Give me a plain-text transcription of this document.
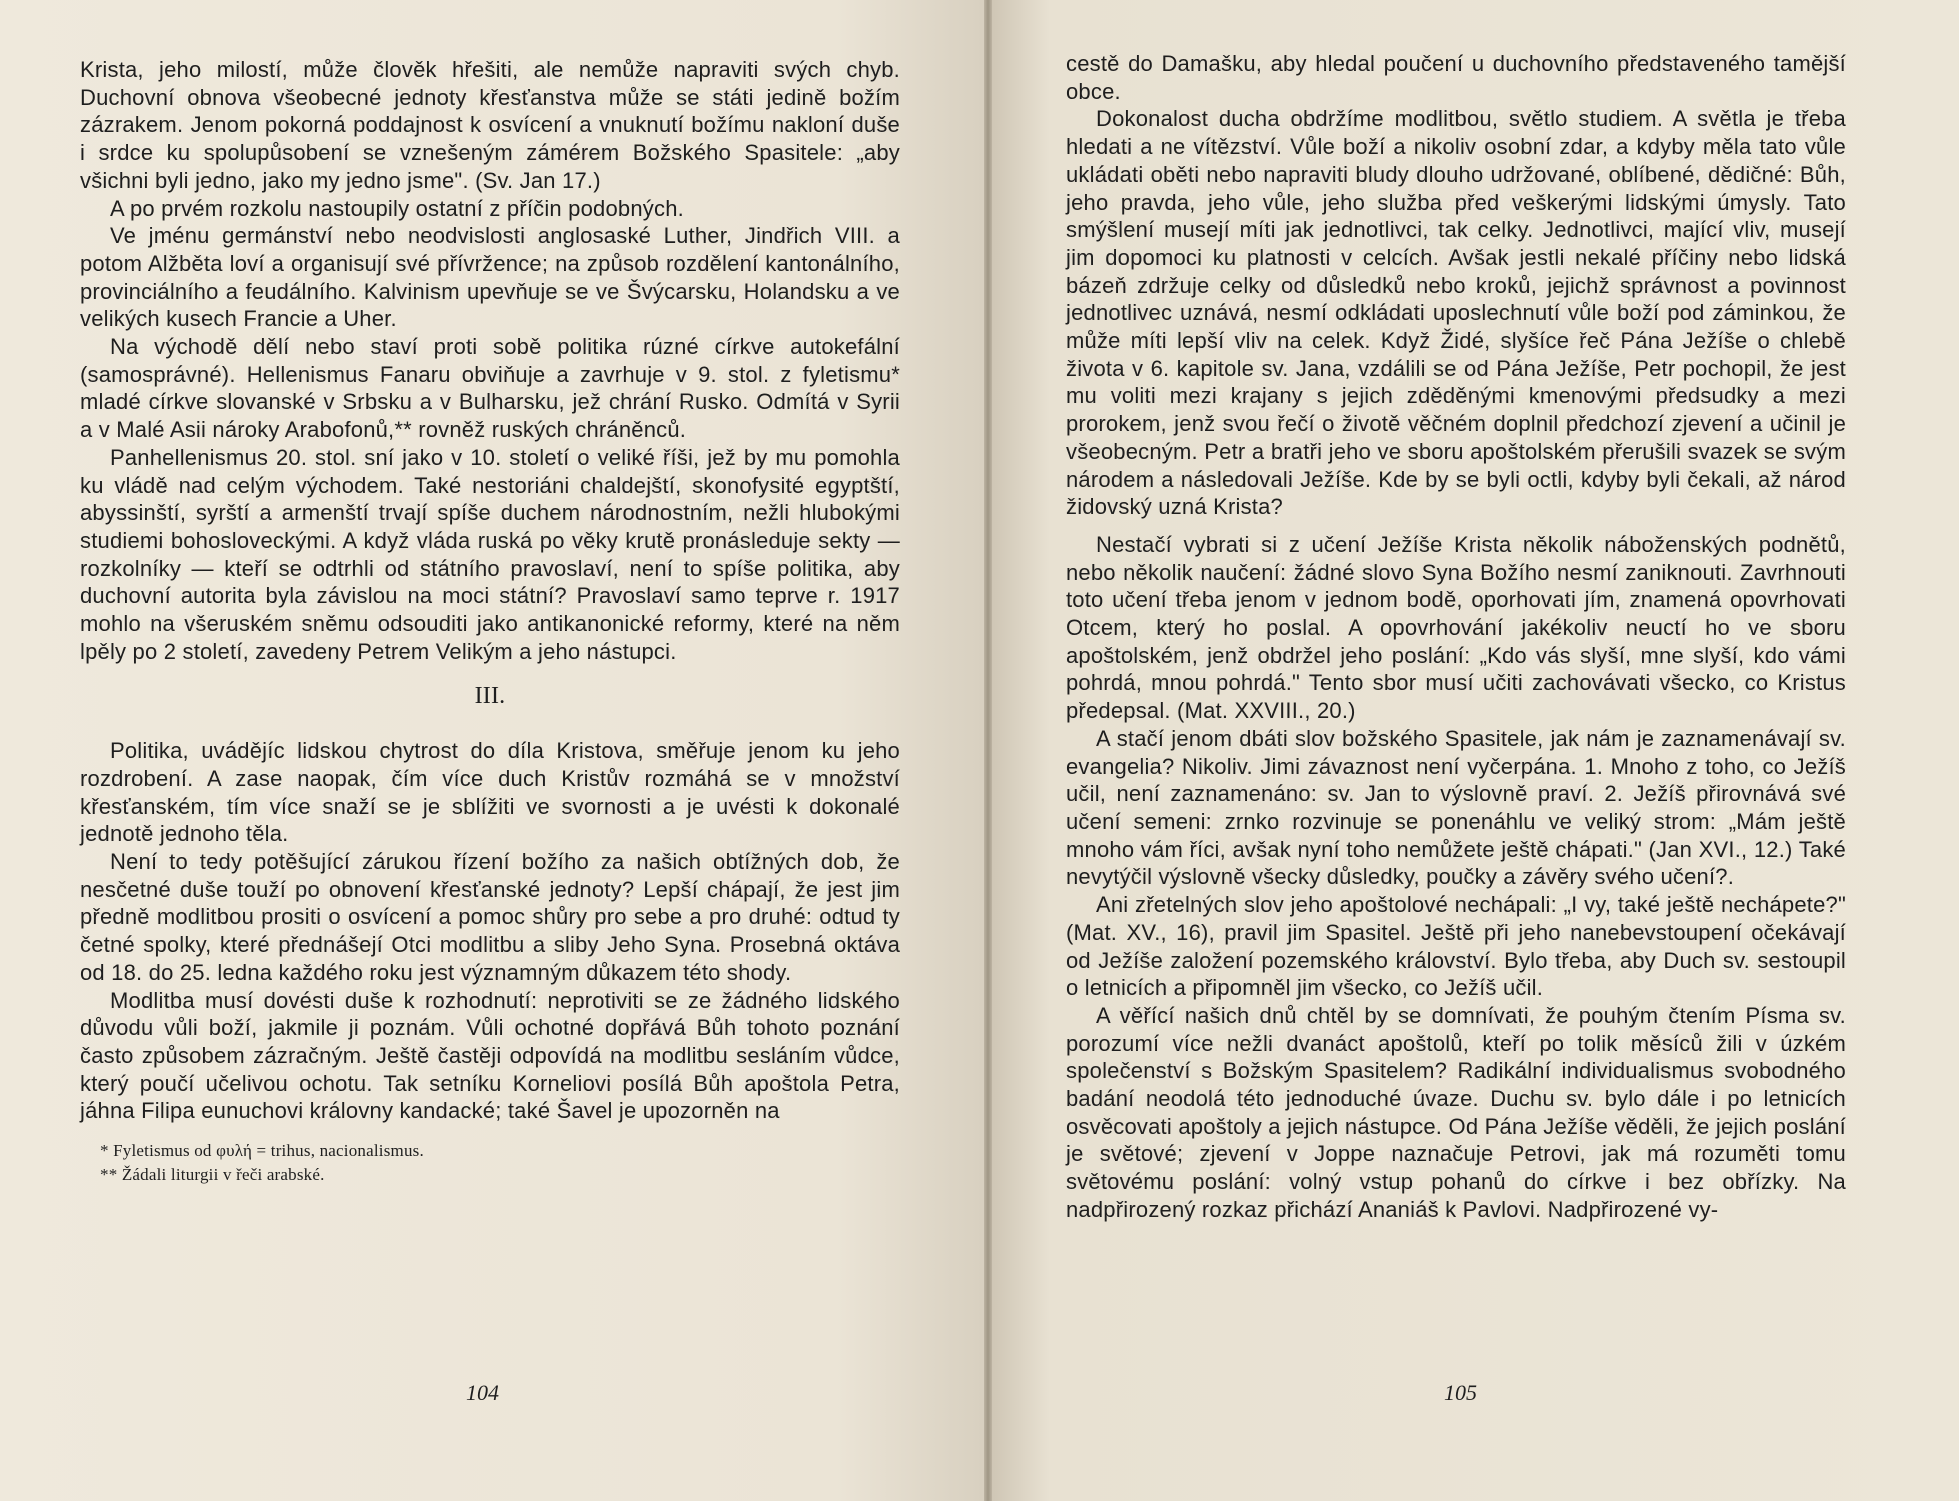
Krista, jeho milostí, může člověk hřešiti, ale nemůže napraviti svých chyb. Duchovní obnova všeobecné jednoty křesťanstva může se státi jedině božím zázrakem. Jenom pokorná poddajnost k osvícení a vnuknutí božímu nakloní duše i srdce ku spolupůsobení se vznešeným zámérem Božského Spasitele: „aby všichni byli jedno, jako my jedno jsme". (Sv. Jan 17.)

A po prvém rozkolu nastoupily ostatní z příčin podobných.

Ve jménu germánství nebo neodvislosti anglosaské Luther, Jindřich VIII. a potom Alžběta loví a organisují své přívržence; na způsob rozdělení kantonálního, provinciálního a feudálního. Kalvinism upevňuje se ve Švýcarsku, Holandsku a ve velikých kusech Francie a Uher.

Na východě dělí nebo staví proti sobě politika rúzné církve autokefální (samosprávné). Hellenismus Fanaru obviňuje a zavrhuje v 9. stol. z fyletismu* mladé církve slovanské v Srbsku a v Bulharsku, jež chrání Rusko. Odmítá v Syrii a v Malé Asii nároky Arabofonů,** rovněž ruských chráněnců.

Panhellenismus 20. stol. sní jako v 10. století o veliké říši, jež by mu pomohla ku vládě nad celým východem. Také nestoriáni chaldejští, skonofysité egyptští, abyssinští, syrští a armenští trvají spíše duchem národnostním, nežli hlubokými studiemi bohosloveckými. A když vláda ruská po věky krutě pronásleduje sekty — rozkolníky — kteří se odtrhli od státního pravoslaví, není to spíše politika, aby duchovní autorita byla závislou na moci státní? Pravoslaví samo teprve r. 1917 mohlo na všeruském sněmu odsouditi jako antikanonické reformy, které na něm lpěly po 2 století, zavedeny Petrem Velikým a jeho nástupci.

III.

Politika, uvádějíc lidskou chytrost do díla Kristova, směřuje jenom ku jeho rozdrobení. A zase naopak, čím více duch Kristův rozmáhá se v množství křesťanském, tím více snaží se je sblížiti ve svornosti a je uvésti k dokonalé jednotě jednoho těla.

Není to tedy potěšující zárukou řízení božího za našich obtížných dob, že nesčetné duše touží po obnovení křesťanské jednoty? Lepší chápají, že jest jim předně modlitbou prositi o osvícení a pomoc shůry pro sebe a pro druhé: odtud ty četné spolky, které přednášejí Otci modlitbu a sliby Jeho Syna. Prosebná oktáva od 18. do 25. ledna každého roku jest významným důkazem této shody.

Modlitba musí dovésti duše k rozhodnutí: neprotiviti se ze žádného lidského důvodu vůli boží, jakmile ji poznám. Vůli ochotné dopřává Bůh tohoto poznání často způsobem zázračným. Ještě častěji odpovídá na modlitbu sesláním vůdce, který poučí učelivou ochotu. Tak setníku Korneliovi posílá Bůh apoštola Petra, jáhna Filipa eunuchovi královny kandacké; také Šavel je upozorněn na

* Fyletismus od φυλή = trihus, nacionalismus.

** Žádali liturgii v řeči arabské.

104

cestě do Damašku, aby hledal poučení u duchovního představeného tamější obce.

Dokonalost ducha obdržíme modlitbou, světlo studiem. A světla je třeba hledati a ne vítězství. Vůle boží a nikoliv osobní zdar, a kdyby měla tato vůle ukládati oběti nebo napraviti bludy dlouho udržované, oblíbené, dědičné: Bůh, jeho pravda, jeho vůle, jeho služba před veškerými lidskými úmysly. Tato smýšlení musejí míti jak jednotlivci, tak celky. Jednotlivci, mající vliv, musejí jim dopomoci ku platnosti v celcích. Avšak jestli nekalé příčiny nebo lidská bázeň zdržuje celky od důsledků nebo kroků, jejichž správnost a povinnost jednotlivec uznává, nesmí odkládati uposlechnutí vůle boží pod záminkou, že může míti lepší vliv na celek. Když Židé, slyšíce řeč Pána Ježíše o chlebě života v 6. kapitole sv. Jana, vzdálili se od Pána Ježíše, Petr pochopil, že jest mu voliti mezi krajany s jejich zděděnými kmenovými předsudky a mezi prorokem, jenž svou řečí o životě věčném doplnil předchozí zjevení a učinil je všeobecným. Petr a bratři jeho ve sboru apoštolském přerušili svazek se svým národem a následovali Ježíše. Kde by se byli octli, kdyby byli čekali, až národ židovský uzná Krista?

Nestačí vybrati si z učení Ježíše Krista několik náboženských podnětů, nebo několik naučení: žádné slovo Syna Božího nesmí zaniknouti. Zavrhnouti toto učení třeba jenom v jednom bodě, oporhovati jím, znamená opovrhovati Otcem, který ho poslal. A opovrhování jakékoliv neuctí ho ve sboru apoštolském, jenž obdržel jeho poslání: „Kdo vás slyší, mne slyší, kdo vámi pohrdá, mnou pohrdá." Tento sbor musí učiti zachovávati všecko, co Kristus předepsal. (Mat. XXVIII., 20.)

A stačí jenom dbáti slov božského Spasitele, jak nám je zaznamenávají sv. evangelia? Nikoliv. Jimi závaznost není vyčerpána. 1. Mnoho z toho, co Ježíš učil, není zaznamenáno: sv. Jan to výslovně praví. 2. Ježíš přirovnává své učení semeni: zrnko rozvinuje se ponenáhlu ve veliký strom: „Mám ještě mnoho vám říci, avšak nyní toho nemůžete ještě chápati." (Jan XVI., 12.) Také nevytýčil výslovně všecky důsledky, poučky a závěry svého učení?.

Ani zřetelných slov jeho apoštolové nechápali: „I vy, také ještě nechápete?" (Mat. XV., 16), pravil jim Spasitel. Ještě při jeho nanebevstoupení očekávají od Ježíše založení pozemského království. Bylo třeba, aby Duch sv. sestoupil o letnicích a připomněl jim všecko, co Ježíš učil.

A věřící našich dnů chtěl by se domnívati, že pouhým čtením Písma sv. porozumí více nežli dvanáct apoštolů, kteří po tolik měsíců žili v úzkém společenství s Božským Spasitelem? Radikální individualismus svobodného badání neodolá této jednoduché úvaze. Duchu sv. bylo dále i po letnicích osvěcovati apoštoly a jejich nástupce. Od Pána Ježíše věděli, že jejich poslání je světové; zjevení v Joppe naznačuje Petrovi, jak má rozuměti tomu světovému poslání: volný vstup pohanů do církve i bez obřízky. Na nadpřirozený rozkaz přichází Ananiáš k Pavlovi. Nadpřirozené vy-

105
